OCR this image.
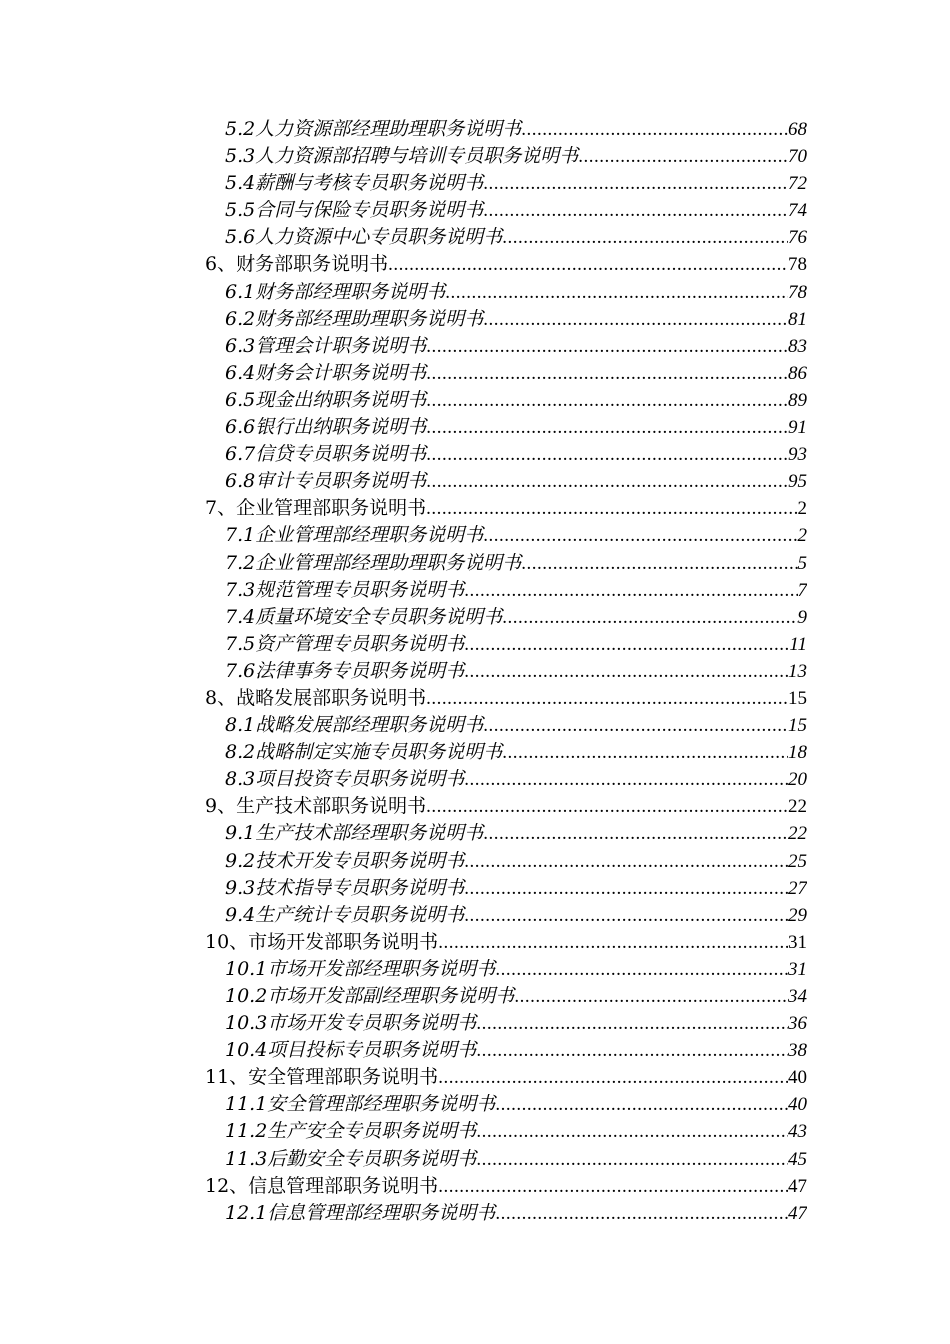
5.2人力资源部经理助理职务说明书 .....	68
5.3人力资源部招聘与培训专员职务说明书 .....	70
5.4薪酬与考核专员职务说明书 .....	72
5.5合同与保险专员职务说明书 .....	74
5.6人力资源中心专员职务说明书 .....	76
6、财务部职务说明书 .....	78
6.1财务部经理职务说明书 .....	78
6.2财务部经理助理职务说明书 .....	81
6.3管理会计职务说明书 .....	83
6.4财务会计职务说明书 .....	86
6.5现金出纳职务说明书 .....	89
6.6银行出纳职务说明书 .....	91
6.7信贷专员职务说明书 .....	93
6.8审计专员职务说明书 .....	95
7、企业管理部职务说明书 .....	2
7.1企业管理部经理职务说明书 .....	2
7.2企业管理部经理助理职务说明书 .....	5
7.3规范管理专员职务说明书 .....	7
7.4质量环境安全专员职务说明书 .....	9
7.5资产管理专员职务说明书 .....	11
7.6法律事务专员职务说明书 .....	13
8、战略发展部职务说明书 .....	15
8.1战略发展部经理职务说明书 .....	15
8.2战略制定实施专员职务说明书 .....	18
8.3项目投资专员职务说明书 .....	20
9、生产技术部职务说明书 .....	22
9.1生产技术部经理职务说明书 .....	22
9.2技术开发专员职务说明书 .....	25
9.3技术指导专员职务说明书 .....	27
9.4生产统计专员职务说明书 .....	29
10、市场开发部职务说明书 .....	31
10.1市场开发部经理职务说明书 .....	31
10.2市场开发部副经理职务说明书 .....	34
10.3市场开发专员职务说明书 .....	36
10.4项目投标专员职务说明书 .....	38
11、安全管理部职务说明书 .....	40
11.1安全管理部经理职务说明书 .....	40
11.2生产安全专员职务说明书 .....	43
11.3后勤安全专员职务说明书 .....	45
12、信息管理部职务说明书 .....	47
12.1信息管理部经理职务说明书 .....	47
